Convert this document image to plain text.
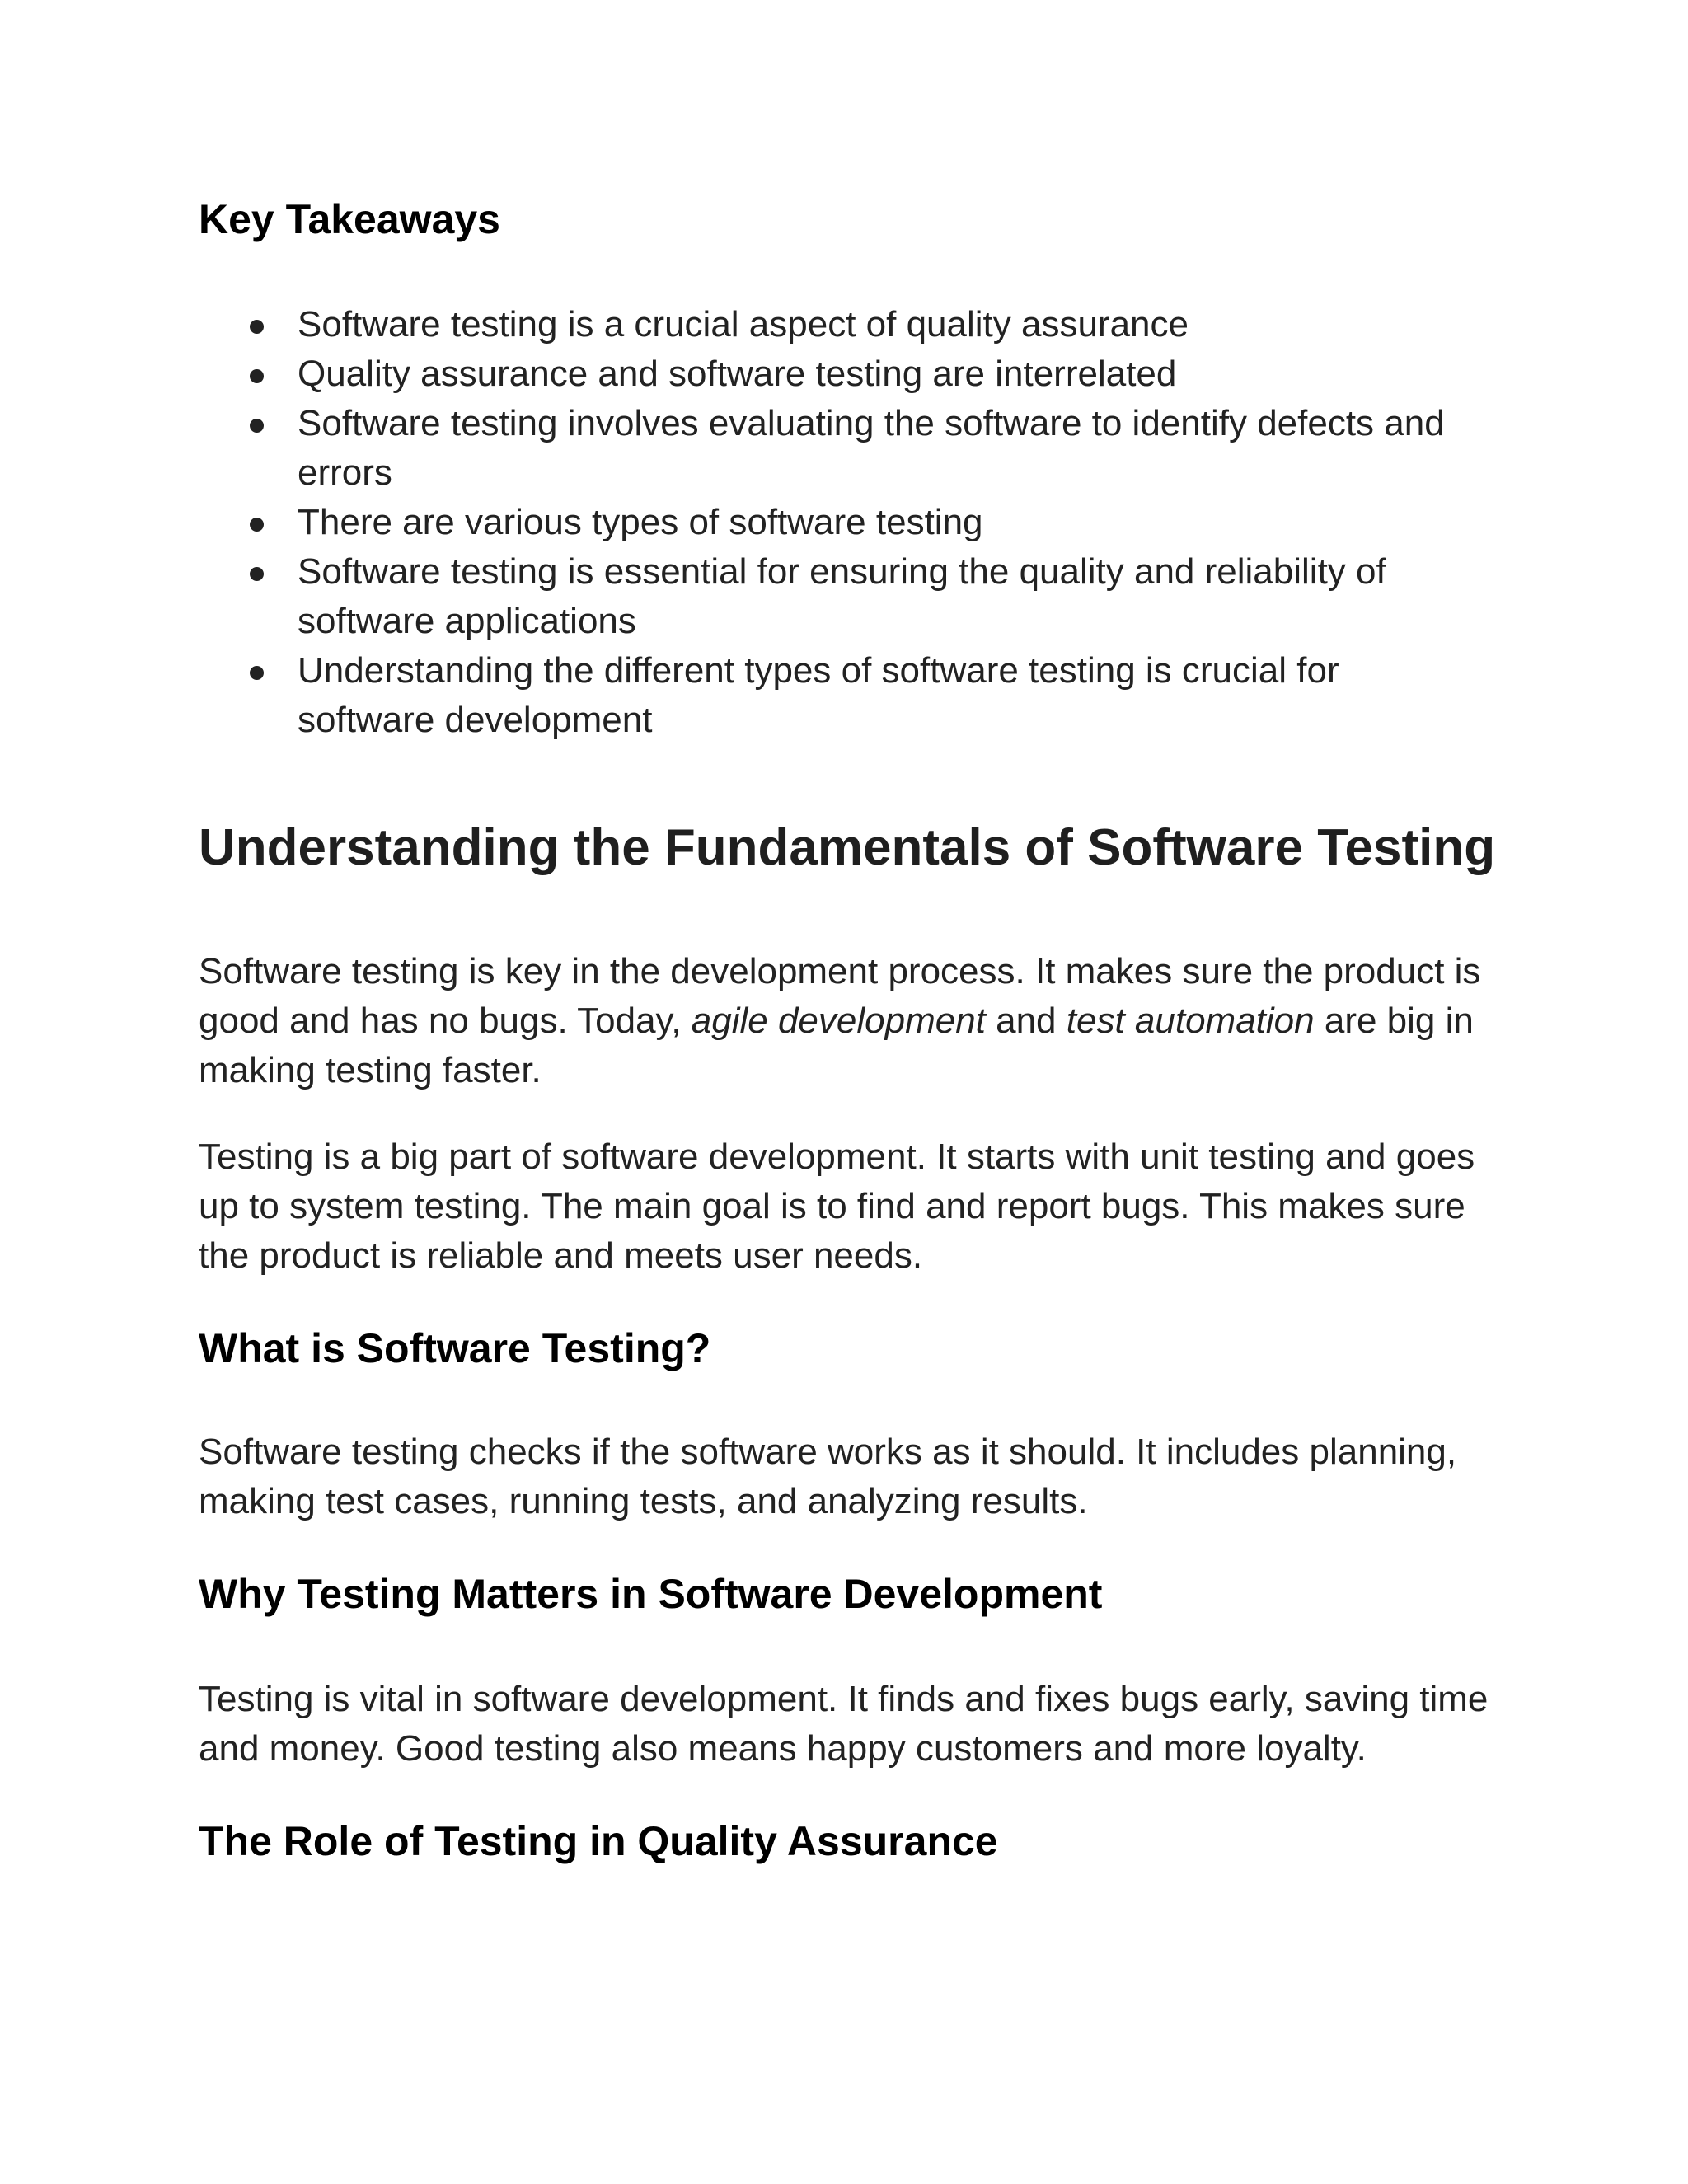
Key Takeaways
Software testing is a crucial aspect of quality assurance
Quality assurance and software testing are interrelated
Software testing involves evaluating the software to identify defects and errors
There are various types of software testing
Software testing is essential for ensuring the quality and reliability of software applications
Understanding the different types of software testing is crucial for software development
Understanding the Fundamentals of Software Testing

Software testing is key in the development process. It makes sure the product is good and has no bugs. Today, agile development and test automation are big in making testing faster.

Testing is a big part of software development. It starts with unit testing and goes up to system testing. The main goal is to find and report bugs. This makes sure the product is reliable and meets user needs.

What is Software Testing?

Software testing checks if the software works as it should. It includes planning, making test cases, running tests, and analyzing results.

Why Testing Matters in Software Development

Testing is vital in software development. It finds and fixes bugs early, saving time and money. Good testing also means happy customers and more loyalty.

The Role of Testing in Quality Assurance
